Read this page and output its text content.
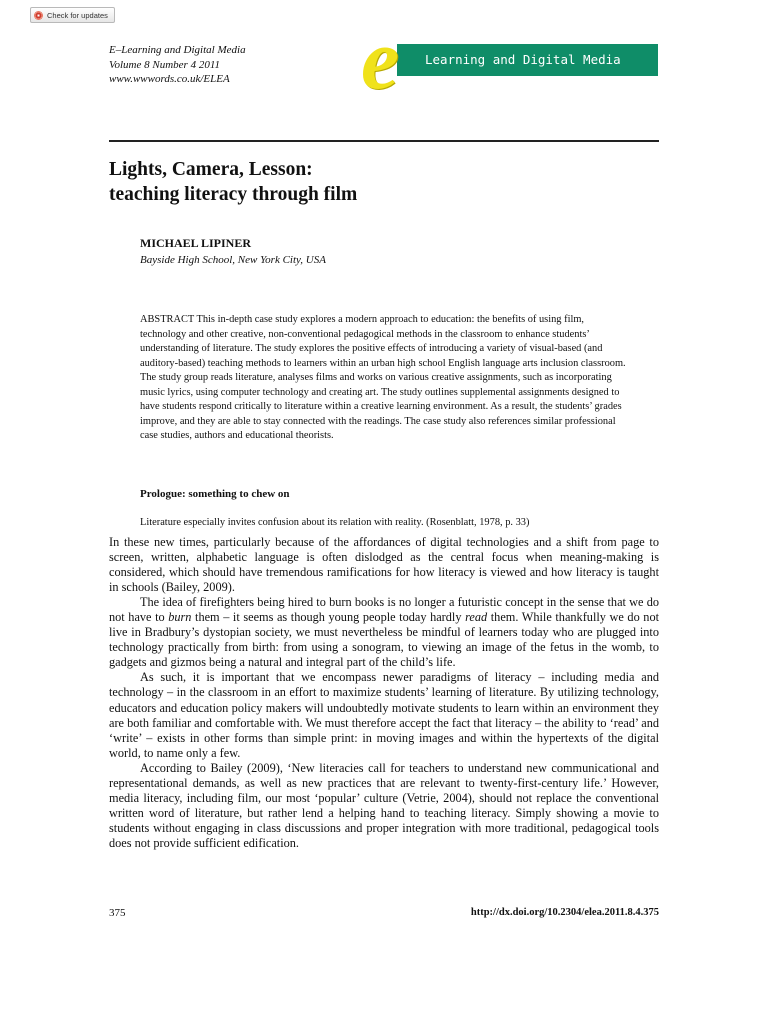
Check for updates
E–Learning and Digital Media
Volume 8 Number 4 2011
www.wwwords.co.uk/ELEA e Learning and Digital Media
Lights, Camera, Lesson:
teaching literacy through film
MICHAEL LIPINER
Bayside High School, New York City, USA

ABSTRACT This in-depth case study explores a modern approach to education: the benefits of using film, technology and other creative, non-conventional pedagogical methods in the classroom to enhance students’ understanding of literature. The study explores the positive effects of introducing a variety of visual-based (and auditory-based) teaching methods to learners within an urban high school English language arts inclusion classroom. The study group reads literature, analyses films and works on various creative assignments, such as incorporating music lyrics, using computer technology and creating art. The study outlines supplemental assignments designed to have students respond critically to literature within a creative learning environment. As a result, the students’ grades improve, and they are able to stay connected with the readings. The case study also references similar professional case studies, authors and educational theorists.

Prologue: something to chew on
Literature especially invites confusion about its relation with reality. (Rosenblatt, 1978, p. 33)

In these new times, particularly because of the affordances of digital technologies and a shift from page to screen, written, alphabetic language is often dislodged as the central focus when meaning-making is considered, which should have tremendous ramifications for how literacy is viewed and how literacy is taught in schools (Bailey, 2009).

The idea of firefighters being hired to burn books is no longer a futuristic concept in the sense that we do not have to burn them – it seems as though young people today hardly read them. While thankfully we do not live in Bradbury’s dystopian society, we must nevertheless be mindful of learners today who are plugged into technology practically from birth: from using a sonogram, to viewing an image of the fetus in the womb, to gadgets and gizmos being a natural and integral part of the child’s life.

As such, it is important that we encompass newer paradigms of literacy – including media and technology – in the classroom in an effort to maximize students’ learning of literature. By utilizing technology, educators and education policy makers will undoubtedly motivate students to learn within an environment they are both familiar and comfortable with. We must therefore accept the fact that literacy – the ability to ‘read’ and ‘write’ – exists in other forms than simple print: in moving images and within the hypertexts of the digital world, to name only a few.

According to Bailey (2009), ‘New literacies call for teachers to understand new communicational and representational demands, as well as new practices that are relevant to twenty-first-century life.’ However, media literacy, including film, our most ‘popular’ culture (Vetrie, 2004), should not replace the conventional written word of literature, but rather lend a helping hand to teaching literacy. Simply showing a movie to students without engaging in class discussions and proper integration with more traditional, pedagogical tools does not provide sufficient edification.

375	http://dx.doi.org/10.2304/elea.2011.8.4.375
